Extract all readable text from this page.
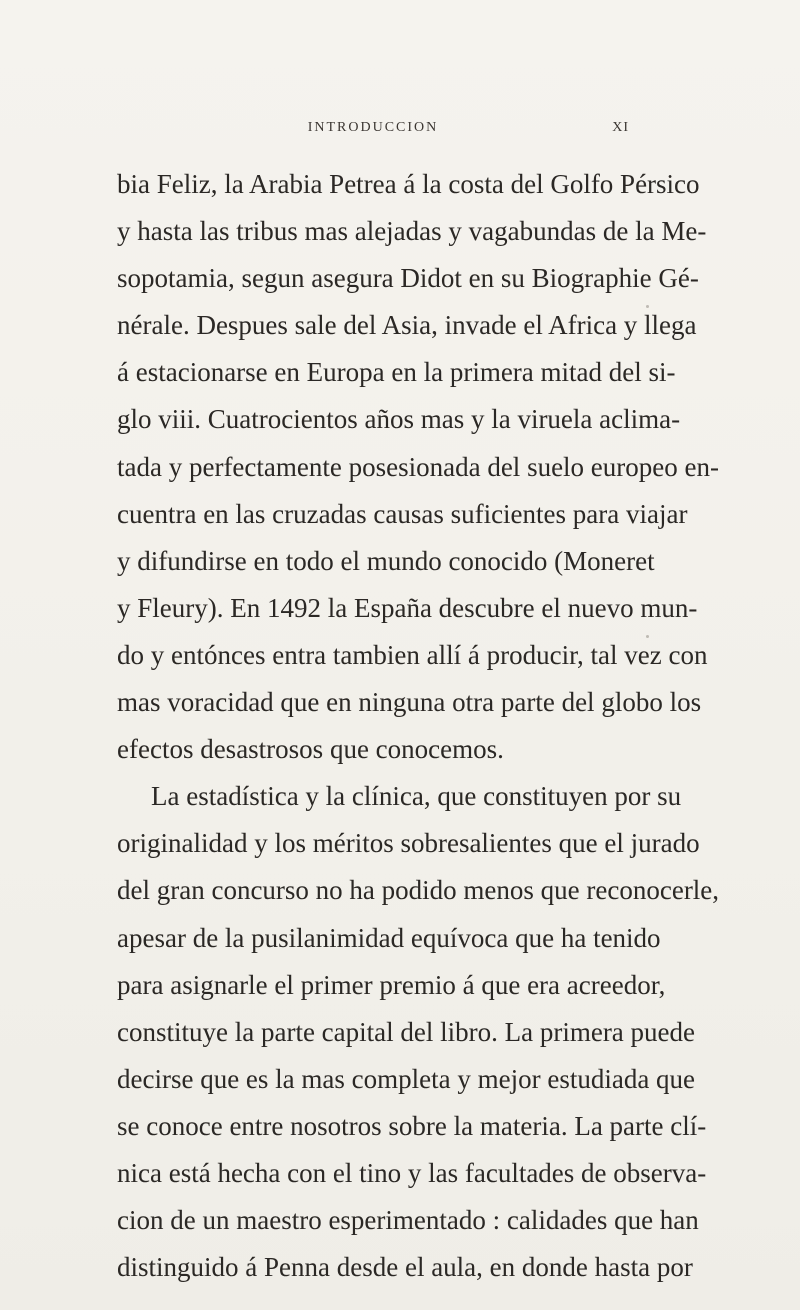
INTRODUCCION	XI
bia Feliz, la Arabia Petrea á la costa del Golfo Pérsico
y hasta las tribus mas alejadas y vagabundas de la Me-
sopotamia, segun asegura Didot en su Biographie Gé-
nérale. Despues sale del Asia, invade el Africa y llega
á estacionarse en Europa en la primera mitad del si-
glo viii. Cuatrocientos años mas y la viruela aclima-
tada y perfectamente posesionada del suelo europeo en-
cuentra en las cruzadas causas suficientes para viajar
y difundirse en todo el mundo conocido (Moneret
y Fleury). En 1492 la España descubre el nuevo mun-
do y entónces entra tambien allí á producir, tal vez con
mas voracidad que en ninguna otra parte del globo los
efectos desastrosos que conocemos.
La estadística y la clínica, que constituyen por su
originalidad y los méritos sobresalientes que el jurado
del gran concurso no ha podido menos que reconocerle,
apesar de la pusilanimidad equívoca que ha tenido
para asignarle el primer premio á que era acreedor,
constituye la parte capital del libro. La primera puede
decirse que es la mas completa y mejor estudiada que
se conoce entre nosotros sobre la materia. La parte clí-
nica está hecha con el tino y las facultades de observa-
cion de un maestro esperimentado : calidades que han
distinguido á Penna desde el aula, en donde hasta por
